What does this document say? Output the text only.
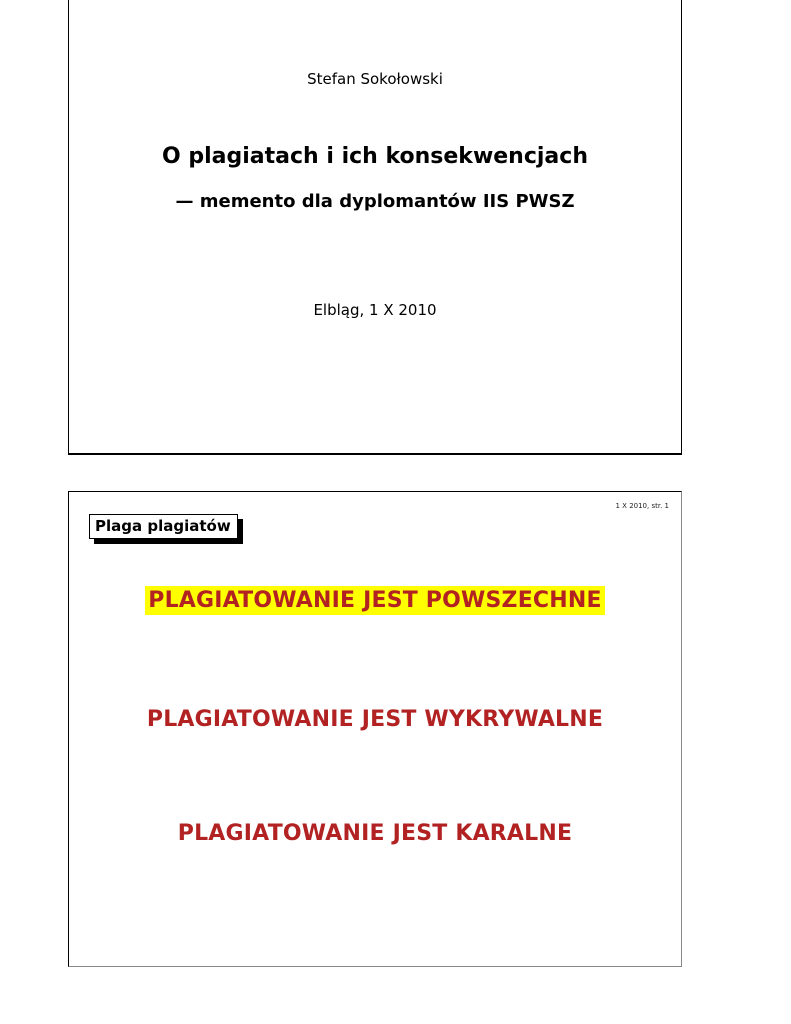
Stefan Sokołowski
O plagiatach i ich konsekwencjach
— memento dla dyplomantów IIS PWSZ
Elbląg, 1 X 2010
1 X 2010, str. 1
Plaga plagiatów
PLAGIATOWANIE JEST POWSZECHNE
PLAGIATOWANIE JEST WYKRYWALNE
PLAGIATOWANIE JEST KARALNE
